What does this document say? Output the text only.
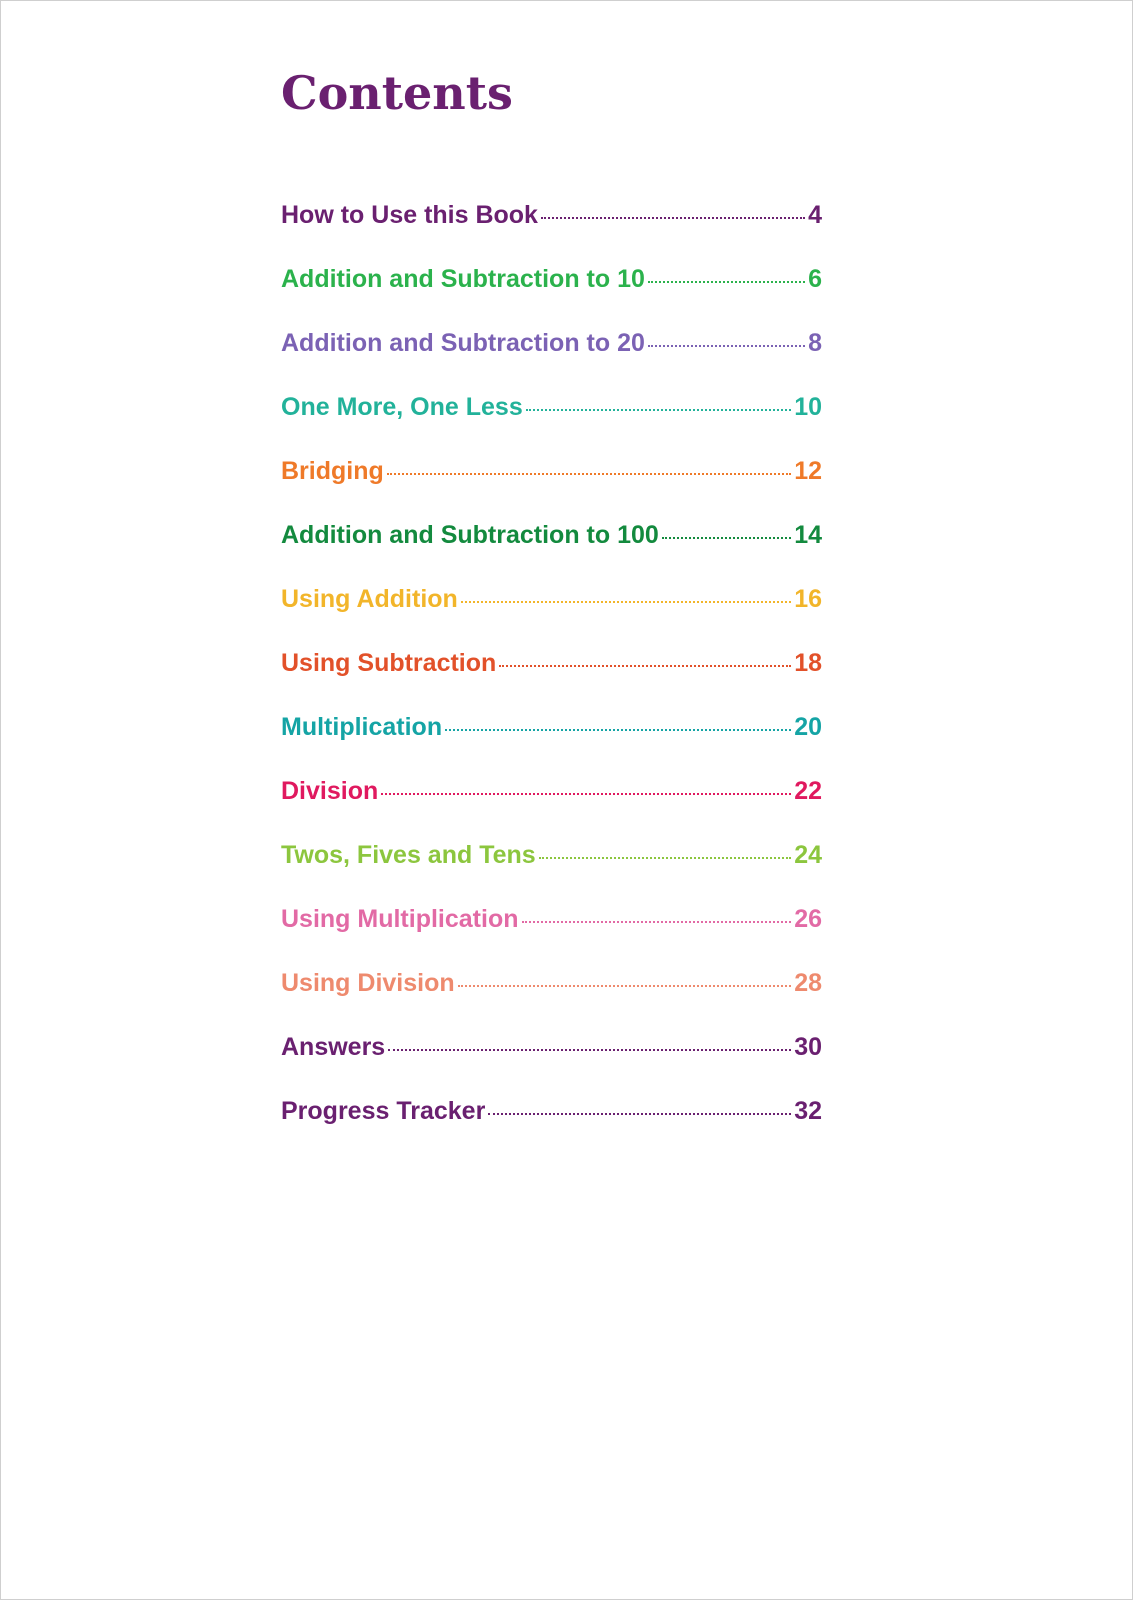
Contents
How to Use this Book	4
Addition and Subtraction to 10	6
Addition and Subtraction to 20	8
One More, One Less	10
Bridging	12
Addition and Subtraction to 100	14
Using Addition	16
Using Subtraction	18
Multiplication	20
Division	22
Twos, Fives and Tens	24
Using Multiplication	26
Using Division	28
Answers	30
Progress Tracker	32
